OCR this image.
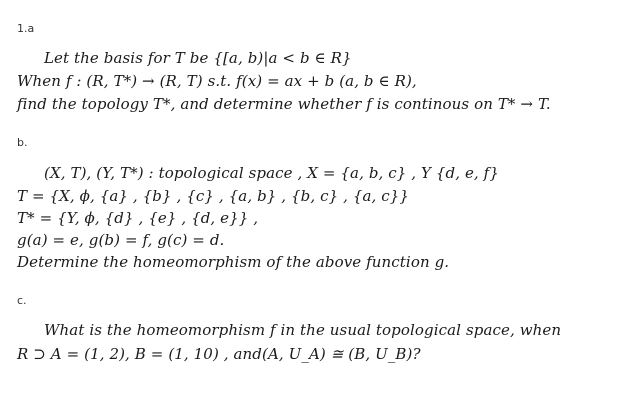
1.a
Let the basis for T be {[a, b)|a < b ∈ R}
When f : (R, T*) → (R, T) s.t. f(x) = ax + b (a, b ∈ R),
find the topology T*, and determine whether f is continous on T* → T.
b.
(X, T), (Y, T*) : topological space , X = {a, b, c} , Y {d, e, f}
T = {X, ϕ, {a} , {b} , {c} , {a, b} , {b, c} , {a, c}}
T* = {Y, ϕ, {d} , {e} , {d, e}} ,
g(a) = e, g(b) = f, g(c) = d.
Determine the homeomorphism of the above function g.
c.
What is the homeomorphism f in the usual topological space, when
R ⊃ A = (1, 2), B = (1, 10) , and(A, U_A) ≅ (B, U_B)?
